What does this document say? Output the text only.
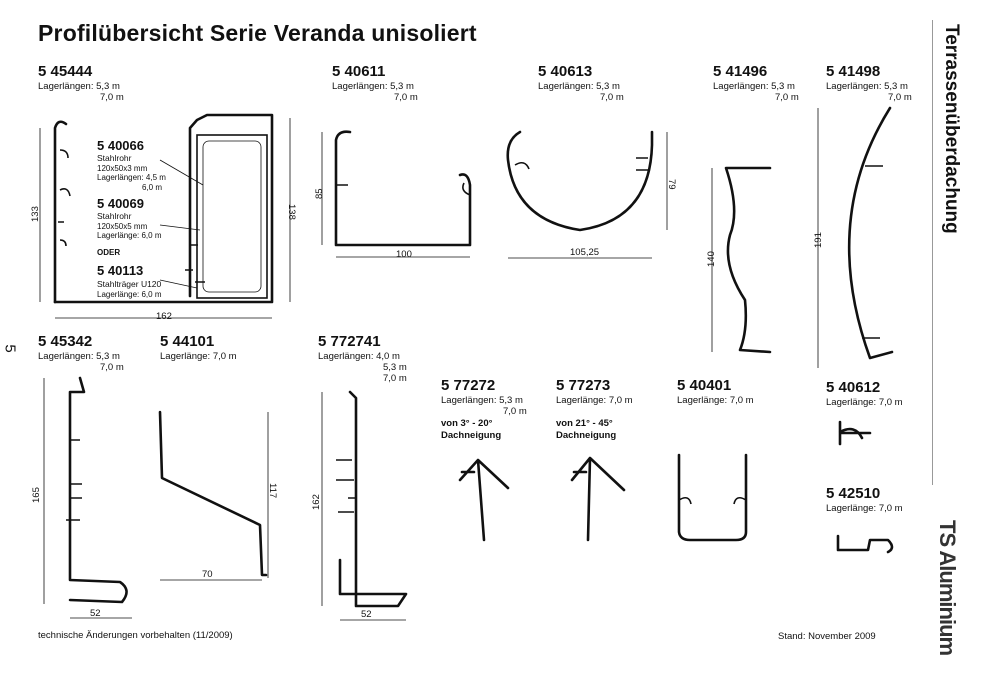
Profilübersicht Serie Veranda unisoliert	Terrassenüberdachung
5
5 45444
Lagerlängen: 5,3 m
7,0 m
5 40611
Lagerlängen: 5,3 m
7,0 m
5 40613
Lagerlängen: 5,3 m
7,0 m
5 41496
Lagerlängen: 5,3 m
7,0 m
5 41498
Lagerlängen: 5,3 m
7,0 m
5 45342
Lagerlängen: 5,3 m
7,0 m
5 44101
Lagerlänge: 7,0 m
5 772741
Lagerlängen: 4,0 m
5,3 m
7,0 m 5 77272
Lagerlängen: 5,3 m
7,0 m
von 3° - 20°
Dachneigung
5 77273
Lagerlänge: 7,0 m
von 21° - 45°
Dachneigung
5 40401
Lagerlänge: 7,0 m
5 40612
Lagerlänge: 7,0 m
5 42510
Lagerlänge: 7,0 m
5 40066
Stahlrohr
120x50x3 mm
Lagerlängen: 4,5 m
6,0 m
5 40069
Stahlrohr
120x50x5 mm
Lagerlänge: 6,0 m
ODER
5 40113
Stahlträger U120
Lagerlänge: 6,0 m
133
162
138
85
100
79
105,25	140
191
165
52
117
70
162
52
technische Änderungen vorbehalten (11/2009)	Stand: November 2009	TS Aluminium
